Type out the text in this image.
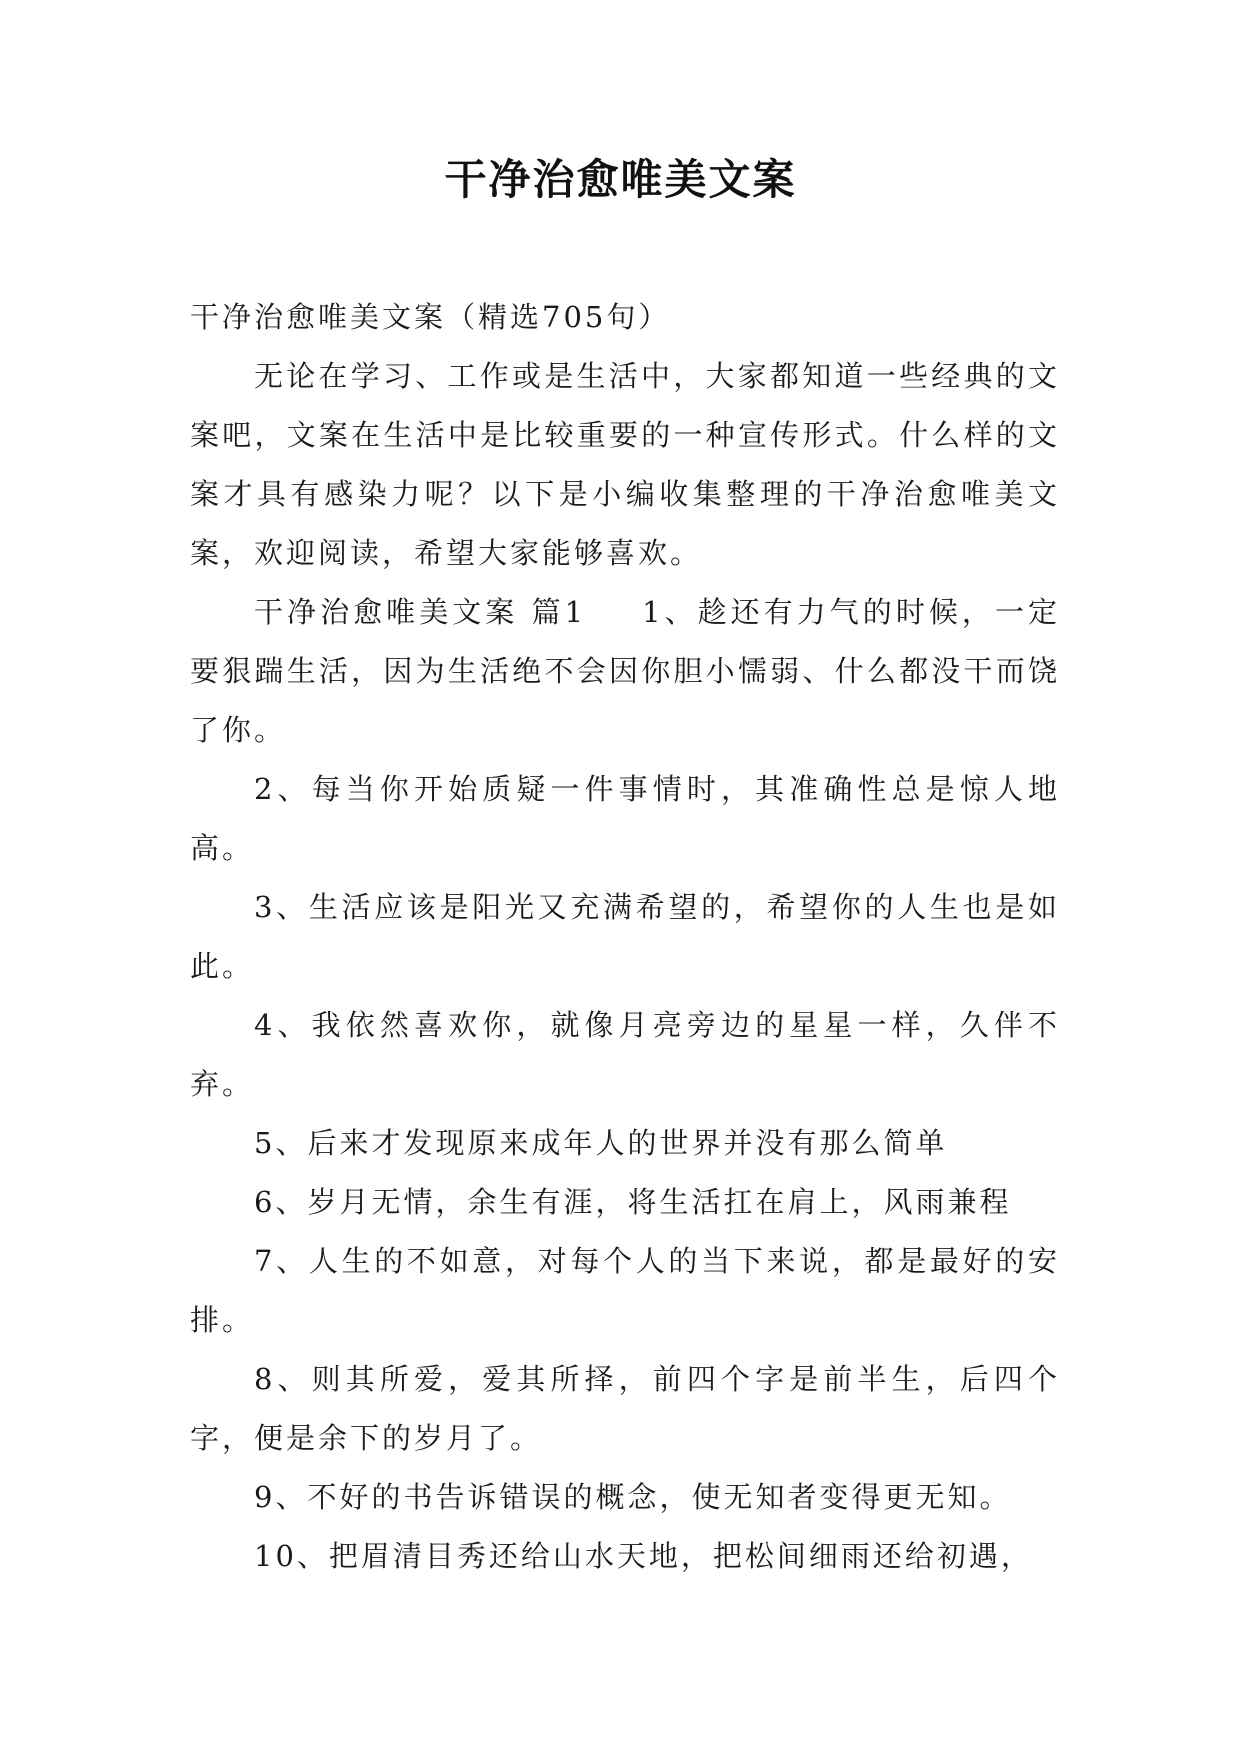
干净治愈唯美文案

干净治愈唯美文案（精选705句）

无论在学习、工作或是生活中，大家都知道一些经典的文案吧，文案在生活中是比较重要的一种宣传形式。什么样的文案才具有感染力呢？以下是小编收集整理的干净治愈唯美文案，欢迎阅读，希望大家能够喜欢。

干净治愈唯美文案 篇1 1、趁还有力气的时候，一定要狠踹生活，因为生活绝不会因你胆小懦弱、什么都没干而饶了你。

2、每当你开始质疑一件事情时，其准确性总是惊人地高。

3、生活应该是阳光又充满希望的，希望你的人生也是如此。

4、我依然喜欢你，就像月亮旁边的星星一样，久伴不弃。

5、后来才发现原来成年人的世界并没有那么简单

6、岁月无情，余生有涯，将生活扛在肩上，风雨兼程

7、人生的不如意，对每个人的当下来说，都是最好的安排。

8、则其所爱，爱其所择，前四个字是前半生，后四个字，便是余下的岁月了。

9、不好的书告诉错误的概念，使无知者变得更无知。

10、把眉清目秀还给山水天地，把松间细雨还给初遇，
